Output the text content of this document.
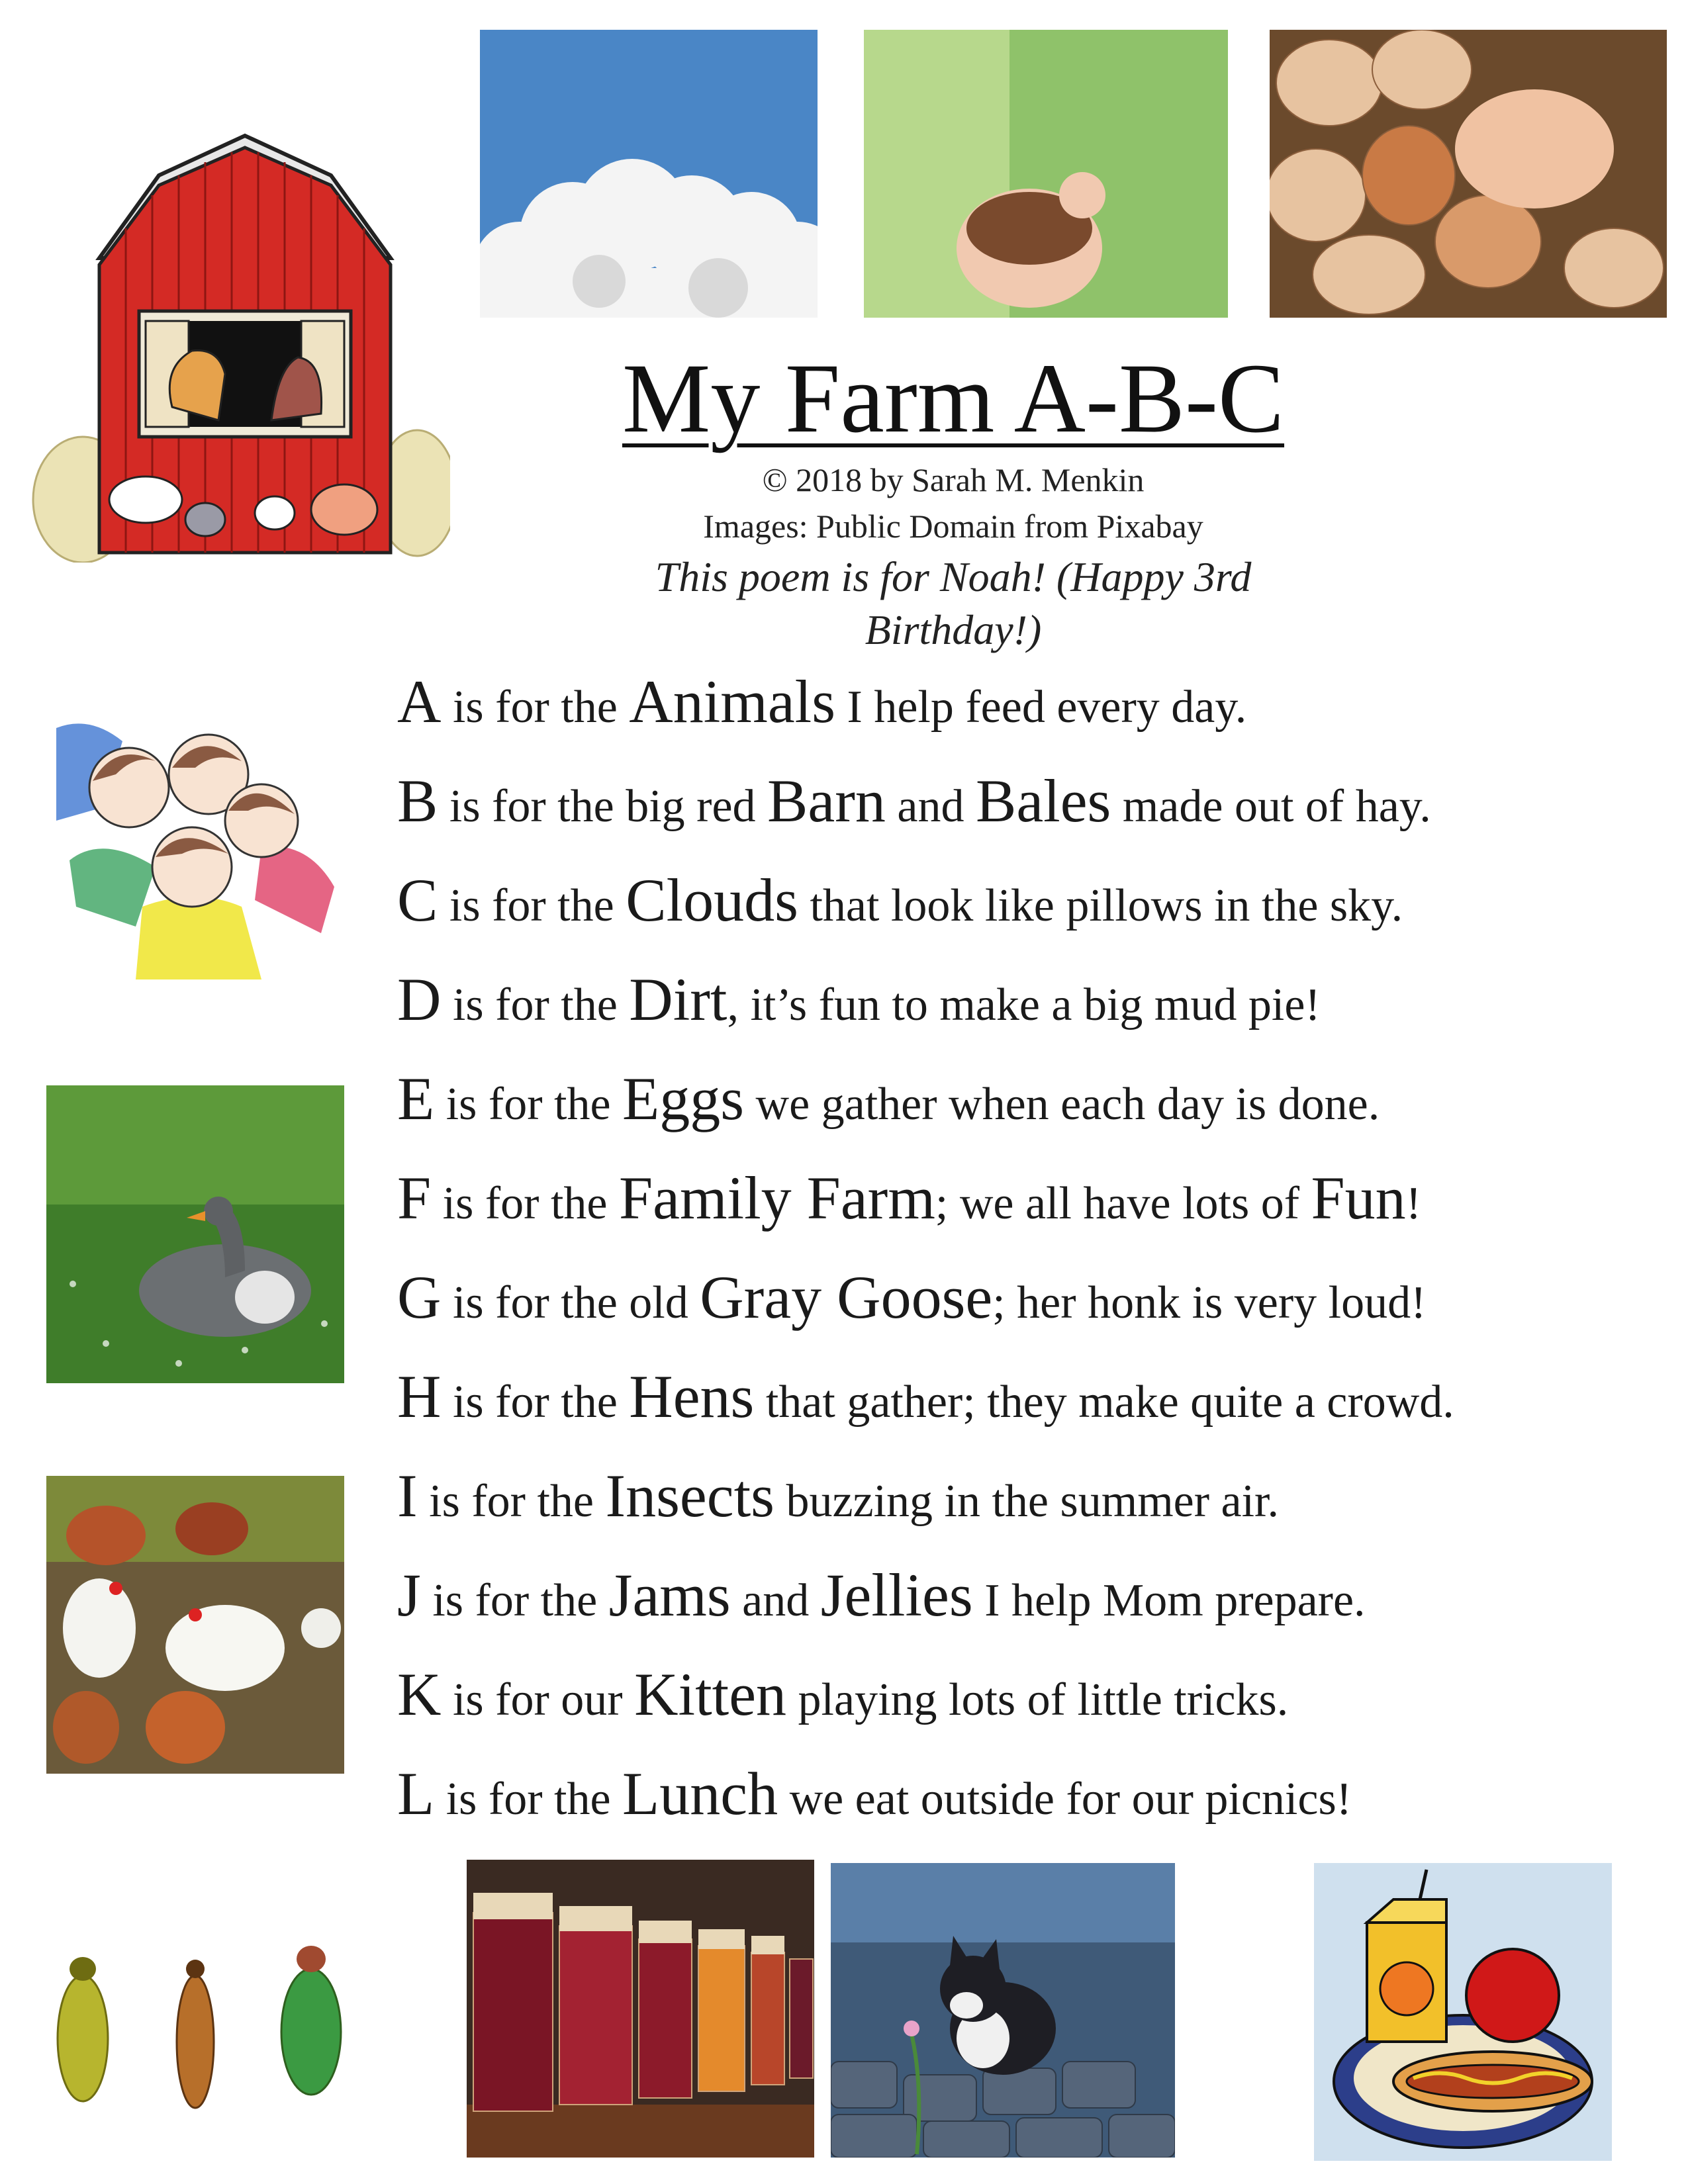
My Farm A-B-C
© 2018 by Sarah M. Menkin
Images: Public Domain from Pixabay
This poem is for Noah! (Happy 3rd Birthday!)
A is for the Animals I help feed every day.
B is for the big red Barn and Bales made out of hay.
C is for the Clouds that look like pillows in the sky.
D is for the Dirt, it’s fun to make a big mud pie!
E is for the Eggs we gather when each day is done.
F is for the Family Farm; we all have lots of Fun!
G is for the old Gray Goose; her honk is very loud!
H is for the Hens that gather; they make quite a crowd.
I is for the Insects buzzing in the summer air.
J is for the Jams and Jellies I help Mom prepare.
K is for our Kitten playing lots of little tricks.
L is for the Lunch we eat outside for our picnics!
